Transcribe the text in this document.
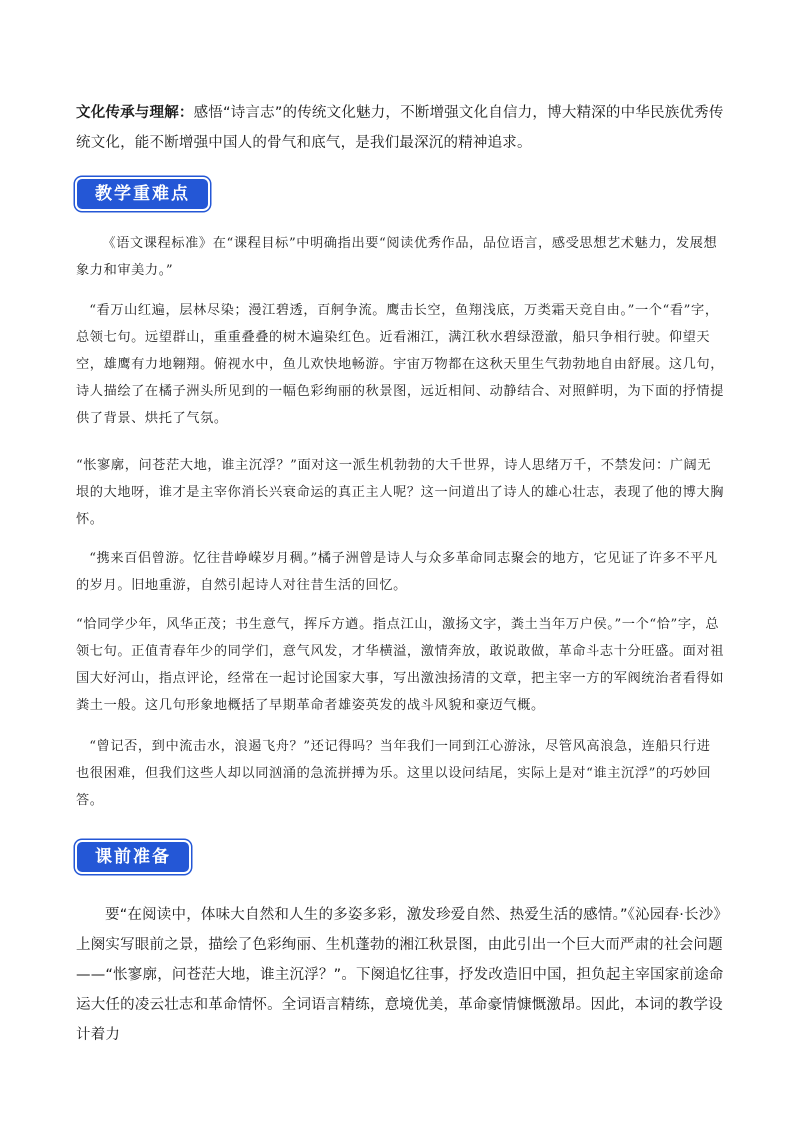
文化传承与理解：感悟“诗言志”的传统文化魅力，不断增强文化自信力，博大精深的中华民族优秀传统文化，能不断增强中国人的骨气和底气，是我们最深沉的精神追求。
教学重难点
《语文课程标准》在“课程目标”中明确指出要“阅读优秀作品，品位语言，感受思想艺术魅力，发展想象力和审美力。”
“看万山红遍，层林尽染；漫江碧透，百舸争流。鹰击长空，鱼翔浅底，万类霜天竞自由。”一个“看”字，总领七句。远望群山，重重叠叠的树木遍染红色。近看湘江，满江秋水碧绿澄澈，船只争相行驶。仰望天空，雄鹰有力地翱翔。俯视水中，鱼儿欢快地畅游。宇宙万物都在这秋天里生气勃勃地自由舒展。这几句，诗人描绘了在橘子洲头所见到的一幅色彩绚丽的秋景图，远近相间、动静结合、对照鲜明，为下面的抒情提供了背景、烘托了气氛。
“怅寥廓，问苍茫大地，谁主沉浮？”面对这一派生机勃勃的大千世界，诗人思绪万千，不禁发问：广阔无垠的大地呀，谁才是主宰你消长兴衰命运的真正主人呢？这一问道出了诗人的雄心壮志，表现了他的博大胸怀。
“携来百侣曾游。忆往昔峥嵘岁月稠。”橘子洲曾是诗人与众多革命同志聚会的地方，它见证了许多不平凡的岁月。旧地重游，自然引起诗人对往昔生活的回忆。
“恰同学少年，风华正茂；书生意气，挥斥方遒。指点江山，激扬文字，粪土当年万户侯。”一个“恰”字，总领七句。正值青春年少的同学们，意气风发，才华横溢，激情奔放，敢说敢做，革命斗志十分旺盛。面对祖国大好河山，指点评论，经常在一起讨论国家大事，写出激浊扬清的文章，把主宰一方的军阀统治者看得如粪土一般。这几句形象地概括了早期革命者雄姿英发的战斗风貌和豪迈气概。
“曾记否，到中流击水，浪遏飞舟？”还记得吗？当年我们一同到江心游泳，尽管风高浪急，连船只行进也很困难，但我们这些人却以同汹涌的急流拼搏为乐。这里以设问结尾，实际上是对“谁主沉浮”的巧妙回答。
课前准备
要“在阅读中，体味大自然和人生的多姿多彩，激发珍爱自然、热爱生活的感情。”《沁园春·长沙》上阕实写眼前之景，描绘了色彩绚丽、生机蓬勃的湘江秋景图，由此引出一个巨大而严肃的社会问题——“怅寥廓，问苍茫大地，谁主沉浮？”。下阕追忆往事，抒发改造旧中国，担负起主宰国家前途命运大任的凌云壮志和革命情怀。全词语言精练，意境优美，革命豪情慷慨激昂。因此，本词的教学设计着力
